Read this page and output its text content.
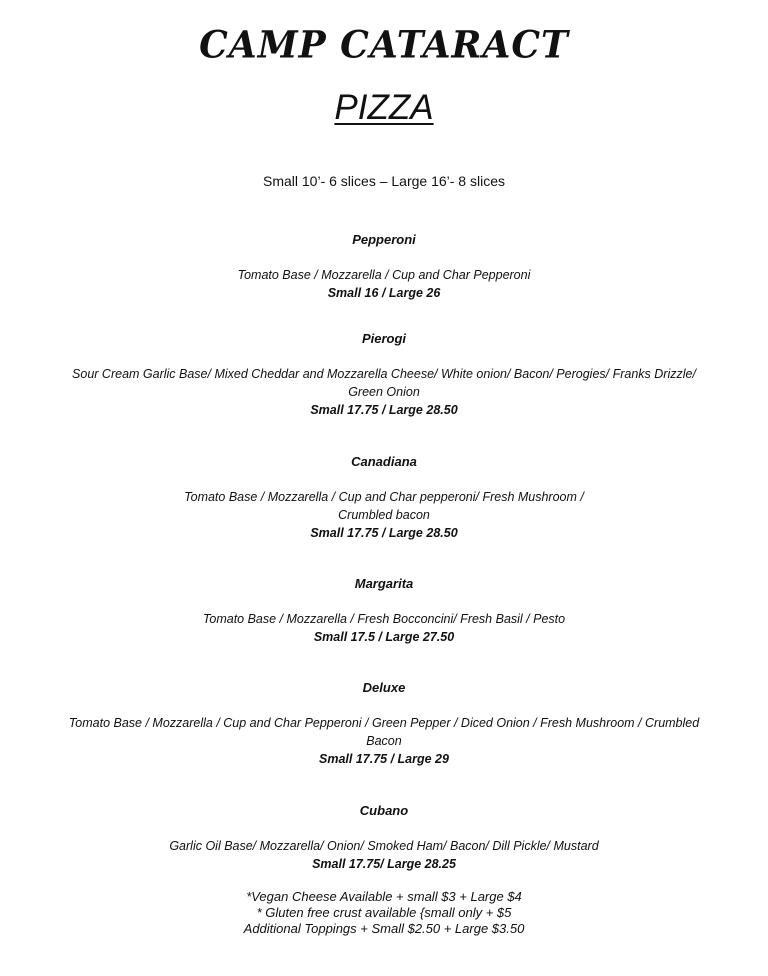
CAMP CATARACT
PIZZA
Small 10’- 6 slices – Large 16’- 8 slices
Pepperoni
Tomato Base / Mozzarella / Cup and Char Pepperoni
Small 16 / Large 26
Pierogi
Sour Cream Garlic Base/ Mixed Cheddar and Mozzarella Cheese/ White onion/ Bacon/ Perogies/ Franks Drizzle/
Green Onion
Small 17.75 / Large 28.50
Canadiana
Tomato Base / Mozzarella / Cup and Char pepperoni/ Fresh Mushroom /
Crumbled bacon
Small 17.75 / Large 28.50
Margarita
Tomato Base / Mozzarella / Fresh Bocconcini/ Fresh Basil / Pesto
Small 17.5 / Large 27.50
Deluxe
Tomato Base / Mozzarella / Cup and Char Pepperoni / Green Pepper / Diced Onion / Fresh Mushroom / Crumbled
Bacon
Small 17.75 / Large 29
Cubano
Garlic Oil Base/ Mozzarella/ Onion/ Smoked Ham/ Bacon/ Dill Pickle/ Mustard
Small 17.75/ Large 28.25
*Vegan Cheese Available + small $3 + Large $4
* Gluten free crust available {small only + $5
Additional Toppings + Small $2.50 + Large $3.50
